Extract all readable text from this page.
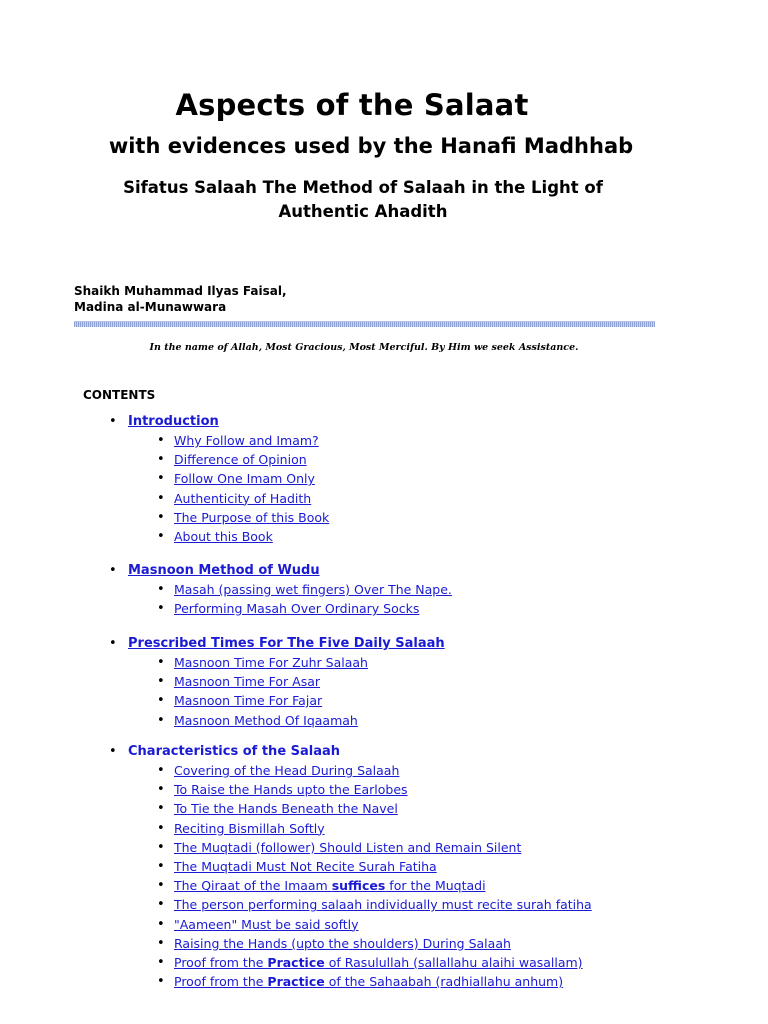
Aspects of the Salaat
with evidences used by the Hanafi Madhhab
Sifatus Salaah The Method of Salaah in the Light of Authentic Ahadith
Shaikh Muhammad Ilyas Faisal,
Madina al-Munawwara
In the name of Allah, Most Gracious, Most Merciful. By Him we seek Assistance.
CONTENTS
• Introduction
• Why Follow and Imam?
• Difference of Opinion
• Follow One Imam Only
• Authenticity of Hadith
• The Purpose of this Book
• About this Book
• Masnoon Method of Wudu
• Masah (passing wet fingers) Over The Nape.
• Performing Masah Over Ordinary Socks
• Prescribed Times For The Five Daily Salaah
• Masnoon Time For Zuhr Salaah
• Masnoon Time For Asar
• Masnoon Time For Fajar
• Masnoon Method Of Iqaamah
• Characteristics of the Salaah
• Covering of the Head During Salaah
• To Raise the Hands upto the Earlobes
• To Tie the Hands Beneath the Navel
• Reciting Bismillah Softly
• The Muqtadi (follower) Should Listen and Remain Silent
• The Muqtadi Must Not Recite Surah Fatiha
• The Qiraat of the Imaam suffices for the Muqtadi
• The person performing salaah individually must recite surah fatiha
• "Aameen" Must be said softly
• Raising the Hands (upto the shoulders) During Salaah
• Proof from the Practice of Rasulullah (sallallahu alaihi wasallam)
• Proof from the Practice of the Sahaabah (radhiallahu anhum)
